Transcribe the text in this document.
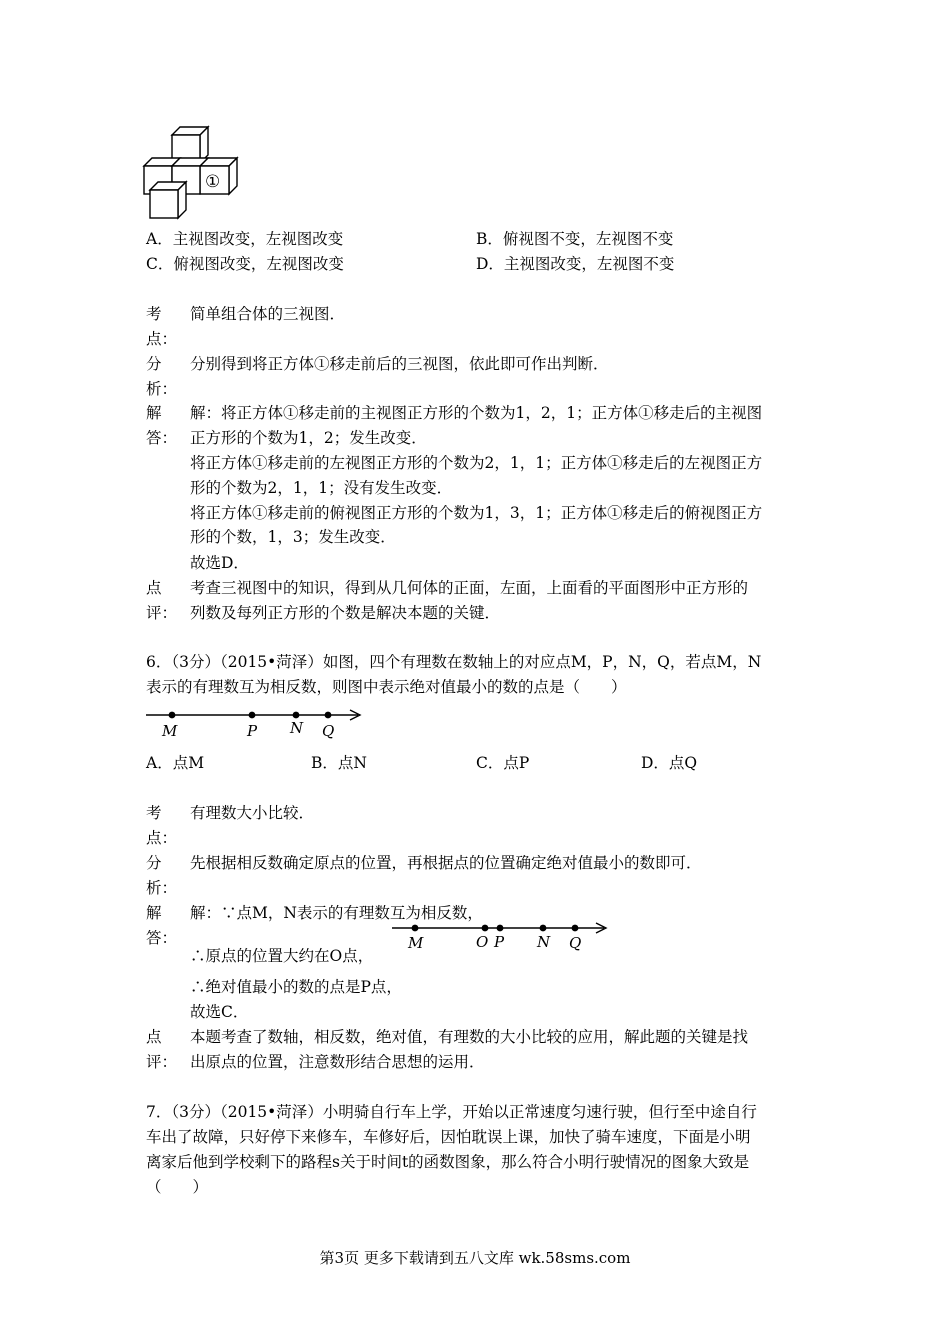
①
A．主视图改变，左视图改变	B．俯视图不变，左视图不变
C．俯视图改变，左视图改变	D．主视图改变，左视图不变
考
点：
简单组合体的三视图．
分
析：
分别得到将正方体①移走前后的三视图，依此即可作出判断．
解
答：
解：将正方体①移走前的主视图正方形的个数为1，2，1；正方体①移走后的主视图
正方形的个数为1，2；发生改变．
将正方体①移走前的左视图正方形的个数为2，1，1；正方体①移走后的左视图正方
形的个数为2，1，1；没有发生改变．
将正方体①移走前的俯视图正方形的个数为1，3，1；正方体①移走后的俯视图正方
形的个数，1，3；发生改变．
故选D．
点
评：
考查三视图中的知识，得到从几何体的正面，左面，上面看的平面图形中正方形的
列数及每列正方形的个数是解决本题的关键．
6．（3分）（2015•菏泽）如图，四个有理数在数轴上的对应点M，P，N，Q，若点M，N
表示的有理数互为相反数，则图中表示绝对值最小的数的点是（　　）
M	P N Q
A．点M	B．点N	C．点P	D．点Q
考
点：
有理数大小比较．
分
析：
先根据相反数确定原点的位置，再根据点的位置确定绝对值最小的数即可．
解
答：
解：∵点M，N表示的有理数互为相反数，
M	O P N Q
∴原点的位置大约在O点，
∴绝对值最小的数的点是P点，
故选C．
点
评：
本题考查了数轴，相反数，绝对值，有理数的大小比较的应用，解此题的关键是找
出原点的位置，注意数形结合思想的运用．
7．（3分）（2015•菏泽）小明骑自行车上学，开始以正常速度匀速行驶，但行至中途自行
车出了故障，只好停下来修车，车修好后，因怕耽误上课，加快了骑车速度，下面是小明
离家后他到学校剩下的路程s关于时间t的函数图象，那么符合小明行驶情况的图象大致是
（　　）
第3页 更多下载请到五八文库 wk.58sms.com
